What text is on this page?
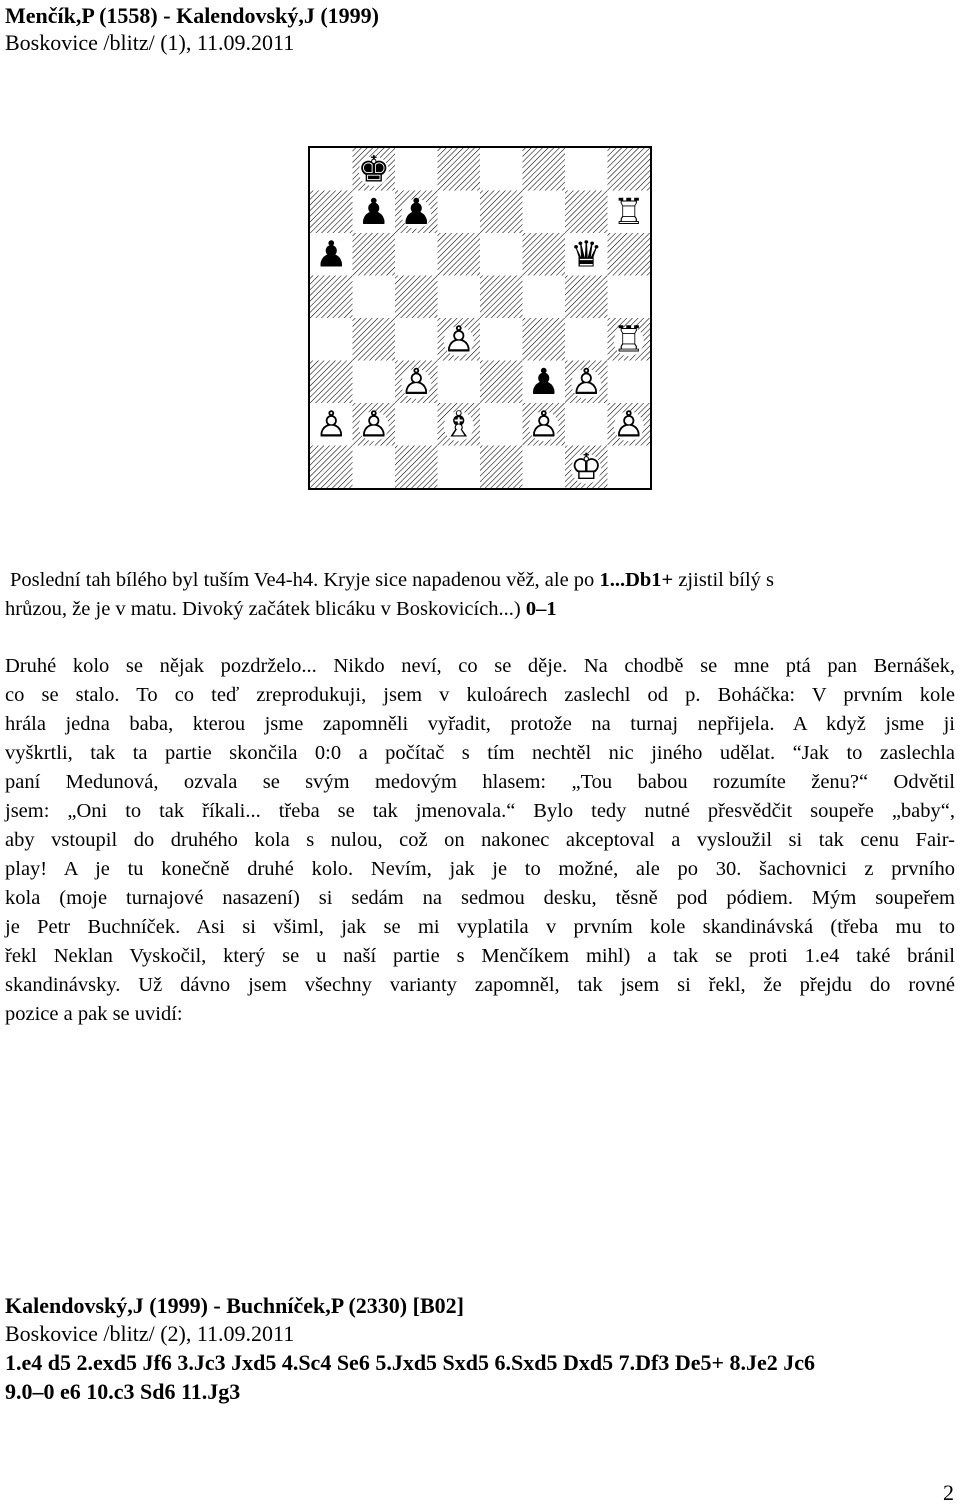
Menčík,P (1558) - Kalendovský,J (1999)
Boskovice /blitz/ (1), 11.09.2011
♚
♟ ♟	♖
♟	♛
♙	♖
♙	♟ ♙
♙ ♙ ♗ ♙ ♙
♔
Poslední tah bílého byl tuším Ve4-h4. Kryje sice napadenou věž, ale po 1...Db1+ zjistil bílý s
hrůzou, že je v matu. Divoký začátek blicáku v Boskovicích...) 0–1
Druhé kolo se nějak pozdrželo... Nikdo neví, co se děje. Na chodbě se mne ptá pan Bernášek,
co se stalo. To co teď zreprodukuji, jsem v kuloárech zaslechl od p. Boháčka: V prvním kole
hrála jedna baba, kterou jsme zapomněli vyřadit, protože na turnaj nepřijela. A když jsme ji
vyškrtli, tak ta partie skončila 0:0 a počítač s tím nechtěl nic jiného udělat. “Jak to zaslechla
paní Medunová, ozvala se svým medovým hlasem: „Tou babou rozumíte ženu?“ Odvětil
jsem: „Oni to tak říkali... třeba se tak jmenovala.“ Bylo tedy nutné přesvědčit soupeře „baby“,
aby vstoupil do druhého kola s nulou, což on nakonec akceptoval a vysloužil si tak cenu Fair-
play! A je tu konečně druhé kolo. Nevím, jak je to možné, ale po 30. šachovnici z prvního
kola (moje turnajové nasazení) si sedám na sedmou desku, těsně pod pódiem. Mým soupeřem
je Petr Buchníček. Asi si všiml, jak se mi vyplatila v prvním kole skandinávská (třeba mu to
řekl Neklan Vyskočil, který se u naší partie s Menčíkem mihl) a tak se proti 1.e4 také bránil
skandinávsky. Už dávno jsem všechny varianty zapomněl, tak jsem si řekl, že přejdu do rovné
pozice a pak se uvidí:
Kalendovský,J (1999) - Buchníček,P (2330) [B02]
Boskovice /blitz/ (2), 11.09.2011
1.e4 d5 2.exd5 Jf6 3.Jc3 Jxd5 4.Sc4 Se6 5.Jxd5 Sxd5 6.Sxd5 Dxd5 7.Df3 De5+ 8.Je2 Jc6
9.0–0 e6 10.c3 Sd6 11.Jg3
2
